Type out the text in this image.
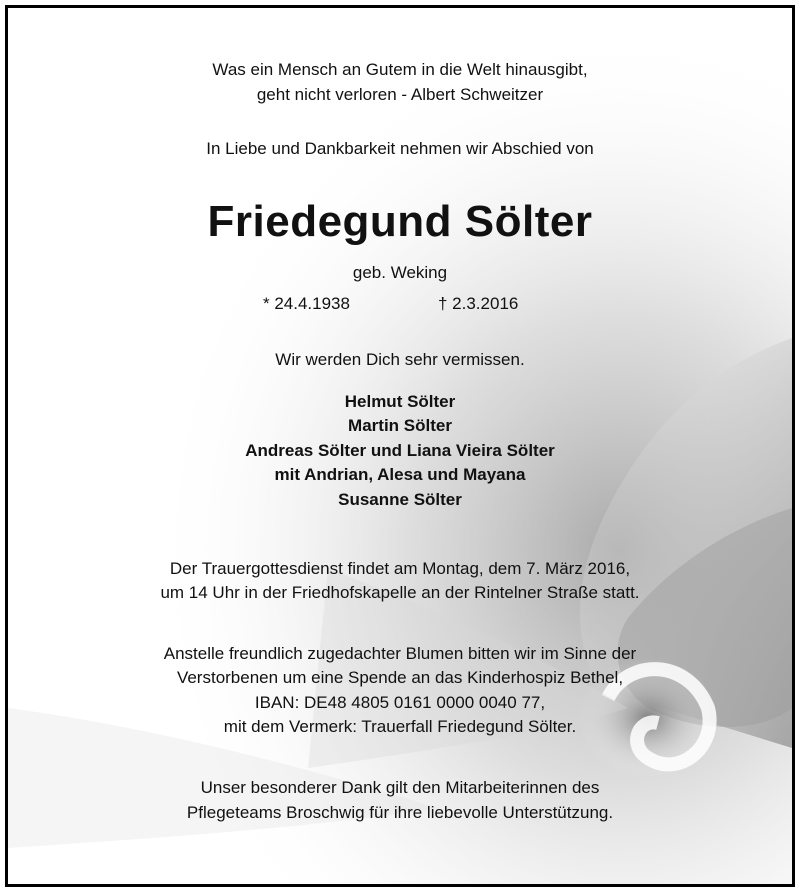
Was ein Mensch an Gutem in die Welt hinausgibt,
geht nicht verloren - Albert Schweitzer
In Liebe und Dankbarkeit nehmen wir Abschied von
Friedegund Sölter
geb. Weking
* 24.4.1938	† 2.3.2016
Wir werden Dich sehr vermissen.
Helmut Sölter
Martin Sölter
Andreas Sölter und Liana Vieira Sölter
mit Andrian, Alesa und Mayana
Susanne Sölter
Der Trauergottesdienst findet am Montag, dem 7. März 2016,
um 14 Uhr in der Friedhofskapelle an der Rintelner Straße statt.
Anstelle freundlich zugedachter Blumen bitten wir im Sinne der
Verstorbenen um eine Spende an das Kinderhospiz Bethel,
IBAN: DE48 4805 0161 0000 0040 77,
mit dem Vermerk: Trauerfall Friedegund Sölter.
Unser besonderer Dank gilt den Mitarbeiterinnen des
Pflegeteams Broschwig für ihre liebevolle Unterstützung.
